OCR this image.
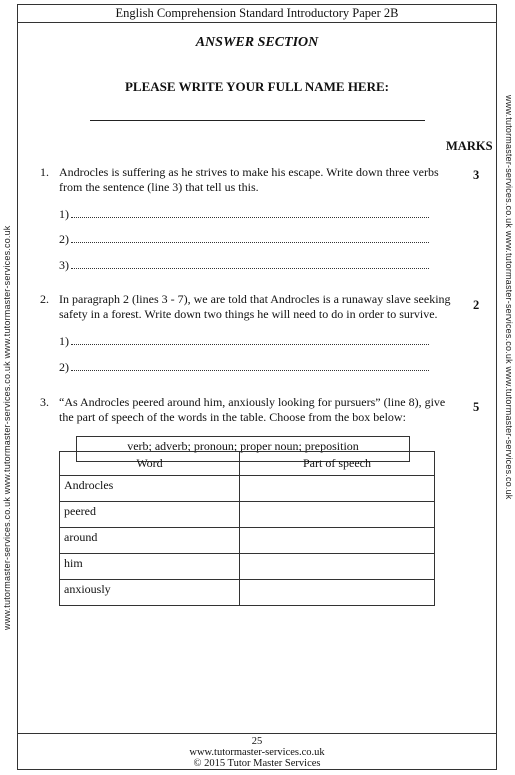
English Comprehension Standard Introductory Paper 2B
ANSWER SECTION
PLEASE WRITE YOUR FULL NAME HERE:
MARKS
1. Androcles is suffering as he strives to make his escape. Write down three verbs from the sentence (line 3) that tell us this.
3
1)
2)
3)
2. In paragraph 2 (lines 3 - 7), we are told that Androcles is a runaway slave seeking safety in a forest. Write down two things he will need to do in order to survive.
2
1)
2)
3. “As Androcles peered around him, anxiously looking for pursuers” (line 8), give the part of speech of the words in the table. Choose from the box below:
5
verb; adverb; pronoun; proper noun; preposition
Word	Part of speech
Androcles	
peered	
around	
him	
anxiously	
www.tutormaster-services.co.uk www.tutormaster-services.co.uk www.tutormaster-services.co.uk	www.tutormaster-services.co.uk www.tutormaster-services.co.uk www.tutormaster-services.co.uk
25
www.tutormaster-services.co.uk
© 2015 Tutor Master Services
